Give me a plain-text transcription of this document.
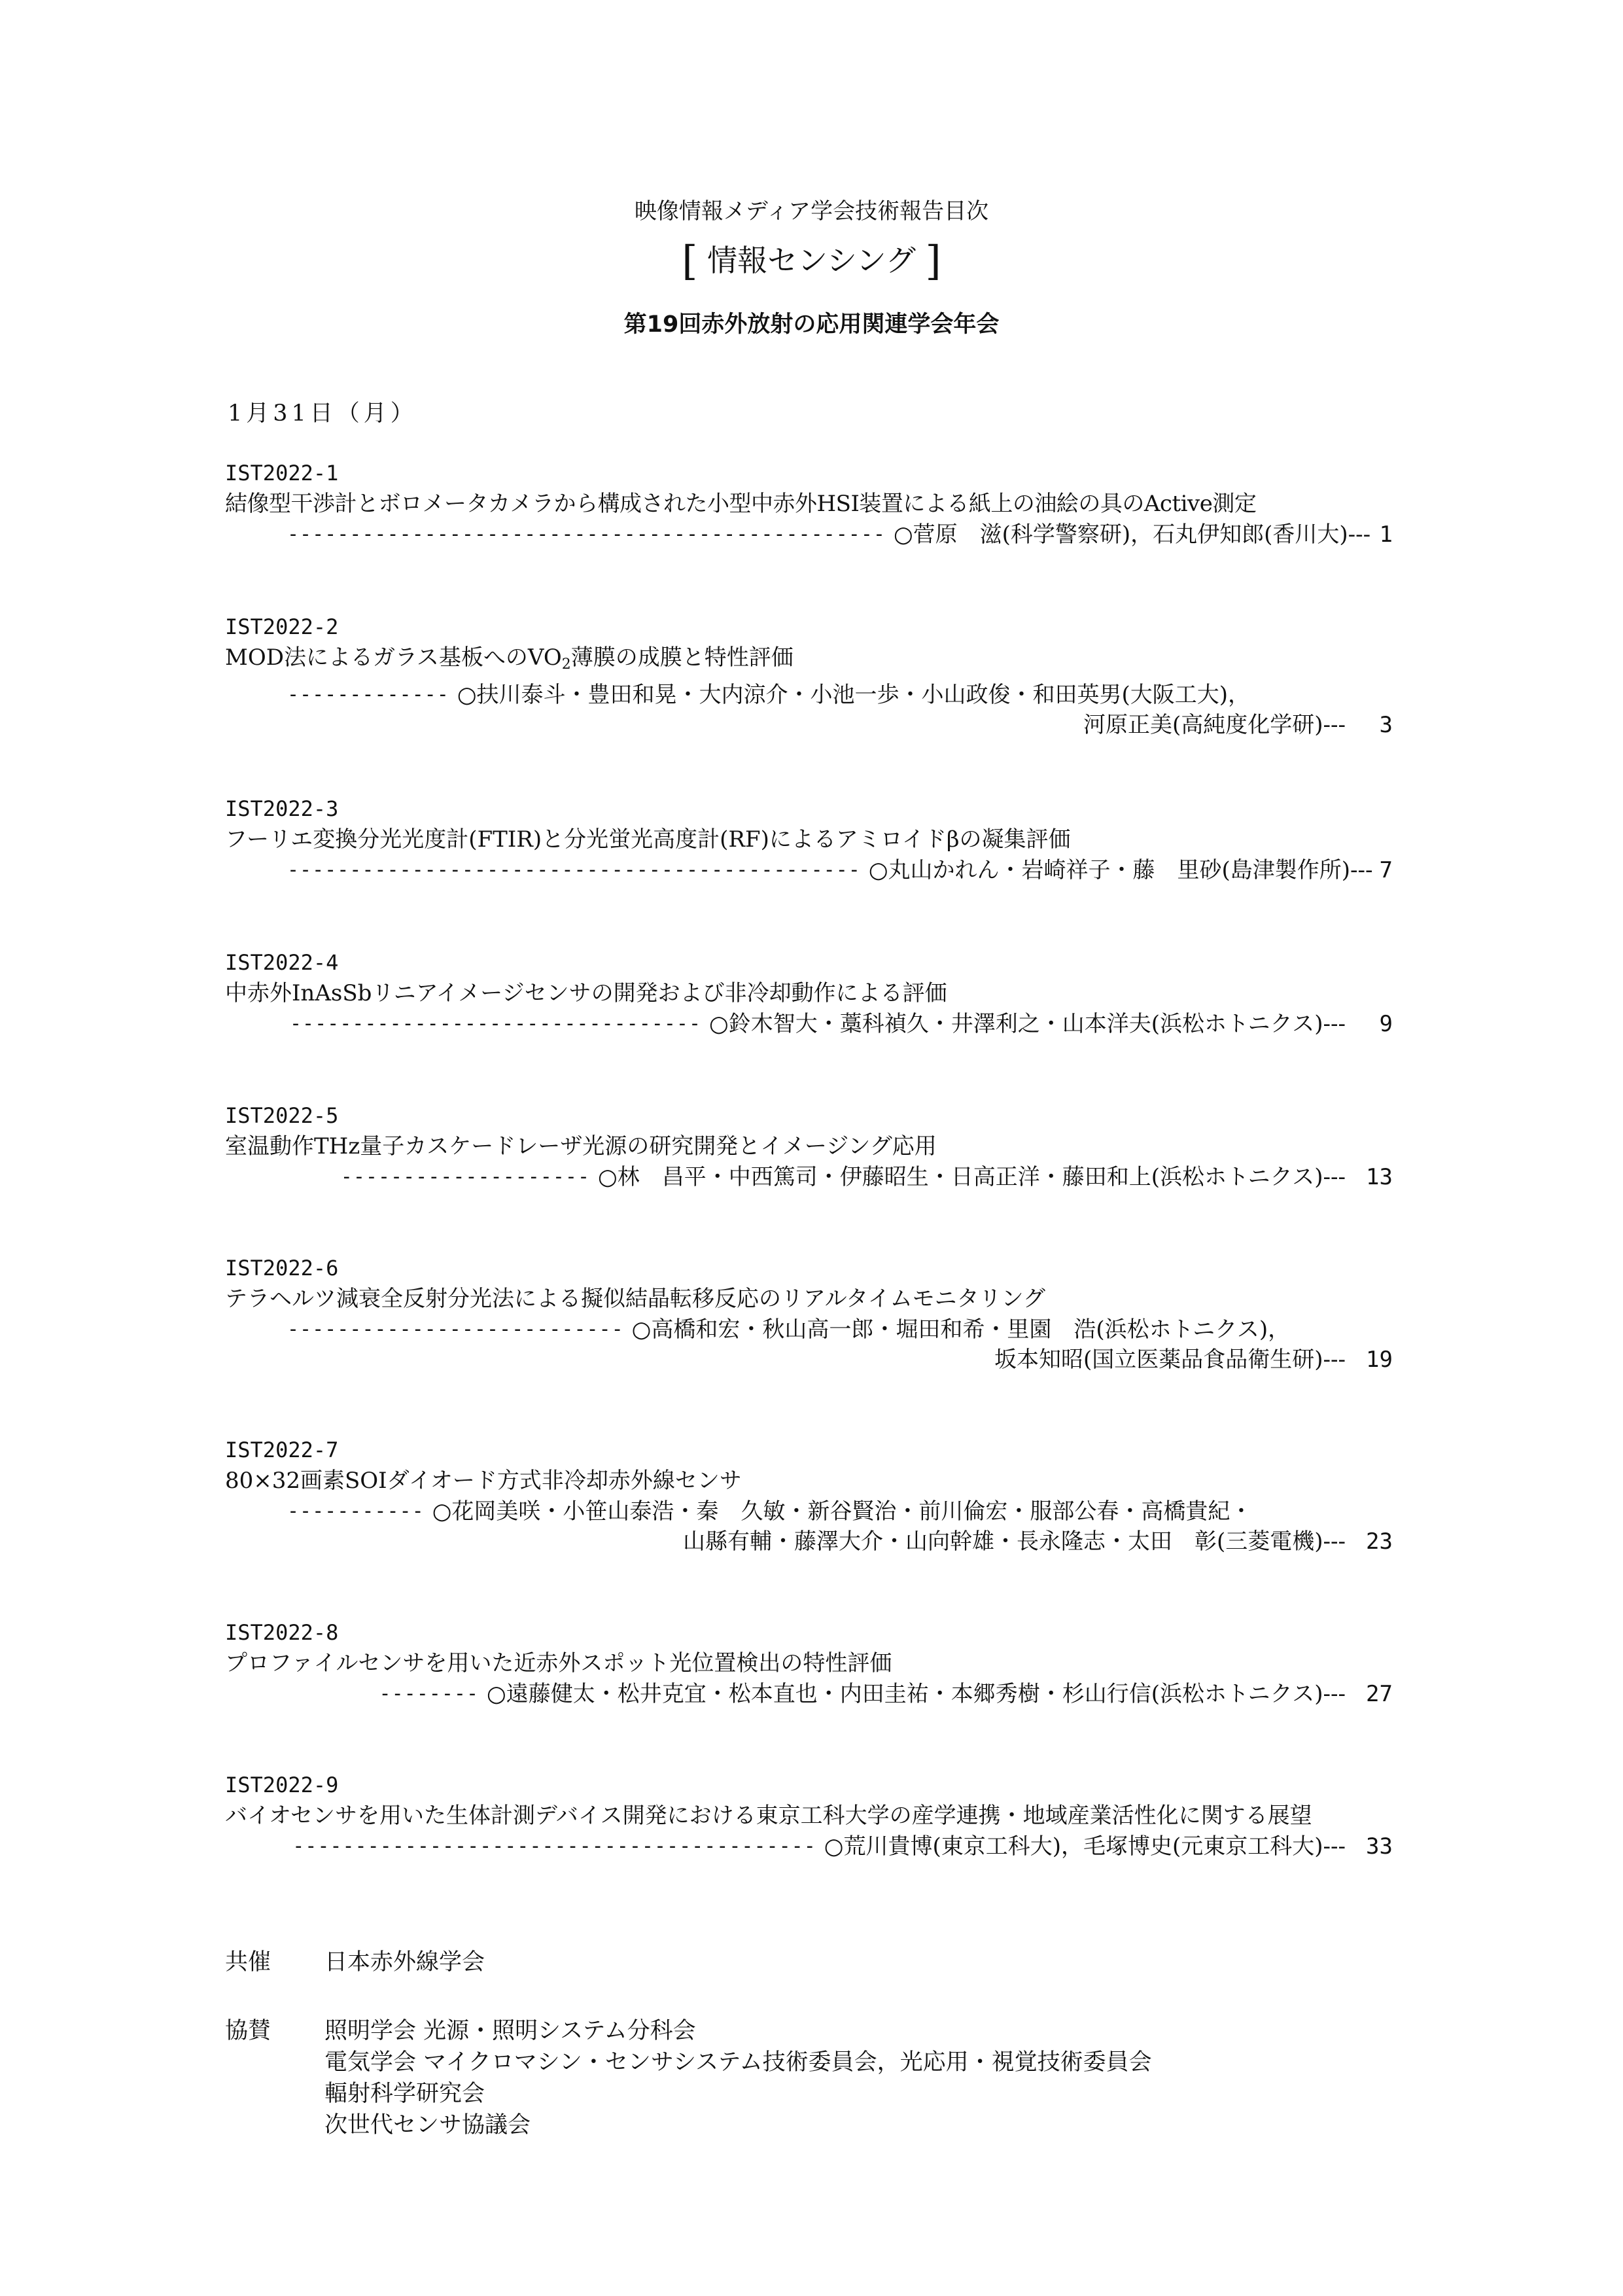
映像情報メディア学会技術報告目次
[ 情報センシング ]
第19回赤外放射の応用関連学会年会
1月31日（月）
IST2022-1
結像型干渉計とボロメータカメラから構成された小型中赤外HSI装置による紙上の油絵の具のActive測定
------------------------------------------------ ○菅原　滋(科学警察研)，石丸伊知郎(香川大)--- 1
IST2022-2
MOD法によるガラス基板への$VO_2$薄膜の成膜と特性評価
------------- ○扶川泰斗・豊田和晃・大内涼介・小池一歩・小山政俊・和田英男(大阪工大)，
河原正美(高純度化学研)---	3
IST2022-3
フーリエ変換分光光度計(FTIR)と分光蛍光高度計(RF)によるアミロイドβの凝集評価
---------------------------------------------- ○丸山かれん・岩崎祥子・藤　里砂(島津製作所)--- 7
IST2022-4
中赤外InAsSbリニアイメージセンサの開発および非冷却動作による評価
--------------------------------- ○鈴木智大・藁科禎久・井澤利之・山本洋夫(浜松ホトニクス)---	9
IST2022-5
室温動作THz量子カスケードレーザ光源の研究開発とイメージング応用
-------------------- ○林　昌平・中西篤司・伊藤昭生・日高正洋・藤田和上(浜松ホトニクス)--- 13
IST2022-6
テラヘルツ減衰全反射分光法による擬似結晶転移反応のリアルタイムモニタリング
--------------------------- ○高橋和宏・秋山高一郎・堀田和希・里園　浩(浜松ホトニクス)，
坂本知昭(国立医薬品食品衛生研)--- 19
IST2022-7
80×32画素SOIダイオード方式非冷却赤外線センサ
----------- ○花岡美咲・小笹山泰浩・秦　久敏・新谷賢治・前川倫宏・服部公春・高橋貴紀・
山縣有輔・藤澤大介・山向幹雄・長永隆志・太田　彰(三菱電機)--- 23
IST2022-8
プロファイルセンサを用いた近赤外スポット光位置検出の特性評価
-------- ○遠藤健太・松井克宜・松本直也・内田圭祐・本郷秀樹・杉山行信(浜松ホトニクス)--- 27
IST2022-9
バイオセンサを用いた生体計測デバイス開発における東京工科大学の産学連携・地域産業活性化に関する展望
------------------------------------------ ○荒川貴博(東京工科大)，毛塚博史(元東京工科大)--- 33
共催 日本赤外線学会
協賛 照明学会 光源・照明システム分科会
電気学会 マイクロマシン・センサシステム技術委員会，光応用・視覚技術委員会
輻射科学研究会
次世代センサ協議会
